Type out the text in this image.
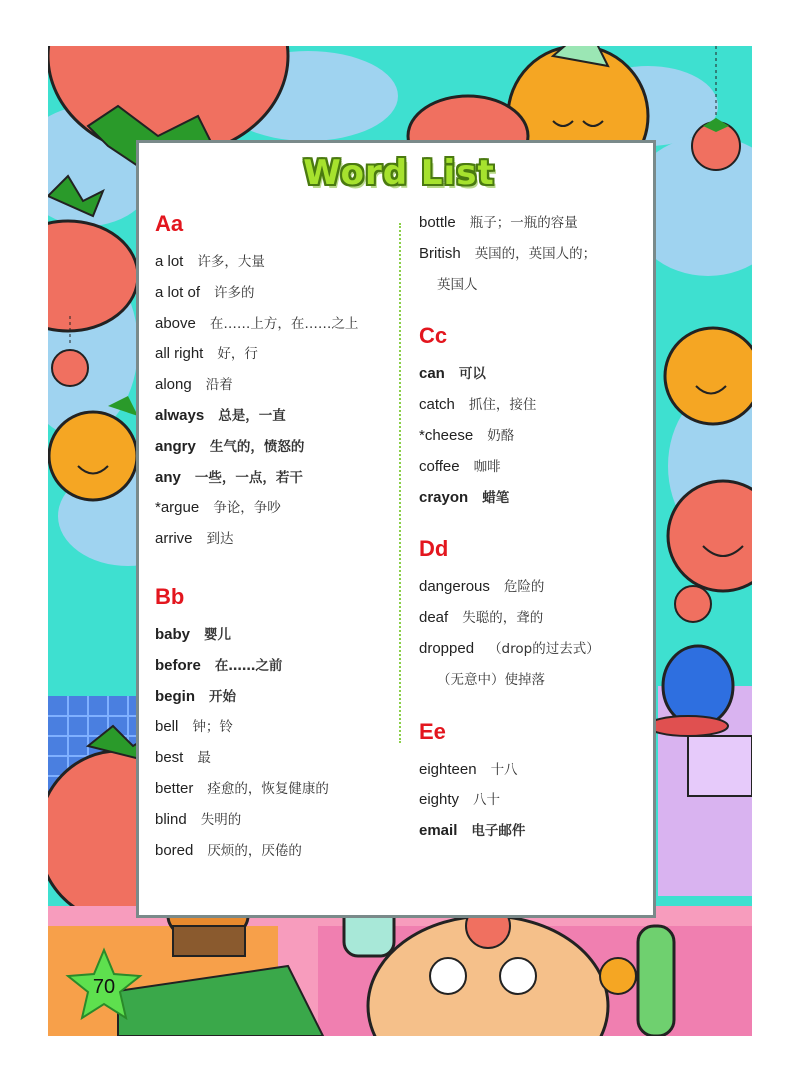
70
Word List
Aa
a lot 许多，大量
a lot of 许多的
above 在……上方，在……之上
all right 好，行
along 沿着
always 总是，一直
angry 生气的，愤怒的
any 一些，一点，若干
*argue 争论，争吵
arrive 到达
Bb
baby 婴儿
before 在……之前
begin 开始
bell 钟；铃
best 最
better 痊愈的，恢复健康的
blind 失明的
bored 厌烦的，厌倦的
bottle 瓶子；一瓶的容量
British 英国的，英国人的；
英国人
Cc
can 可以
catch 抓住，接住
*cheese 奶酪
coffee 咖啡
crayon 蜡笔
Dd
dangerous 危险的
deaf 失聪的，聋的
dropped （drop的过去式）
（无意中）使掉落
Ee
eighteen 十八
eighty 八十
email 电子邮件
